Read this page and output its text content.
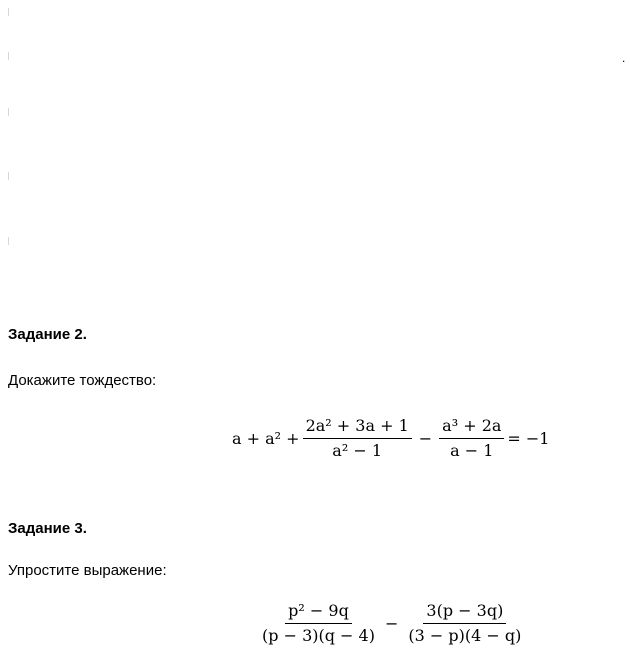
.
Задание 2.
Докажите тождество:
$a + a^2 + \frac{\text{2a² + 3a + 1}}{\text{a² − 1}} - \frac{\text{a³ + 2a}}{a - 1} = -1$
Задание 3.
Упростите выражение:
$\frac{\text{p² − 9q}}{(p - 3)(q - 4)} - \frac{3(p - 3q)}{(3 - p)(4 - q)}$
